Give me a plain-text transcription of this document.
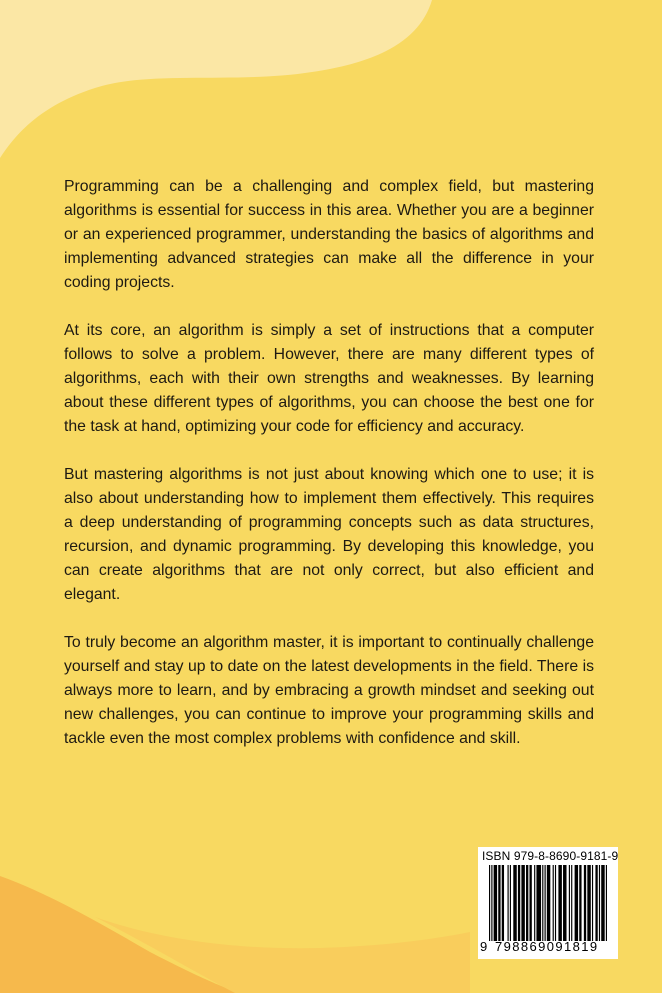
Programming can be a challenging and complex field, but mastering algorithms is essential for success in this area. Whether you are a beginner or an experienced programmer, understanding the basics of algorithms and implementing advanced strategies can make all the difference in your coding projects.

At its core, an algorithm is simply a set of instructions that a computer follows to solve a problem. However, there are many different types of algorithms, each with their own strengths and weaknesses. By learning about these different types of algorithms, you can choose the best one for the task at hand, optimizing your code for efficiency and accuracy.

But mastering algorithms is not just about knowing which one to use; it is also about understanding how to implement them effectively. This requires a deep understanding of programming concepts such as data structures, recursion, and dynamic programming. By developing this knowledge, you can create algorithms that are not only correct, but also efficient and elegant.

To truly become an algorithm master, it is important to continually challenge yourself and stay up to date on the latest developments in the field. There is always more to learn, and by embracing a growth mindset and seeking out new challenges, you can continue to improve your programming skills and tackle even the most complex problems with confidence and skill.

ISBN 979-8-8690-9181-9
9 798869091819
